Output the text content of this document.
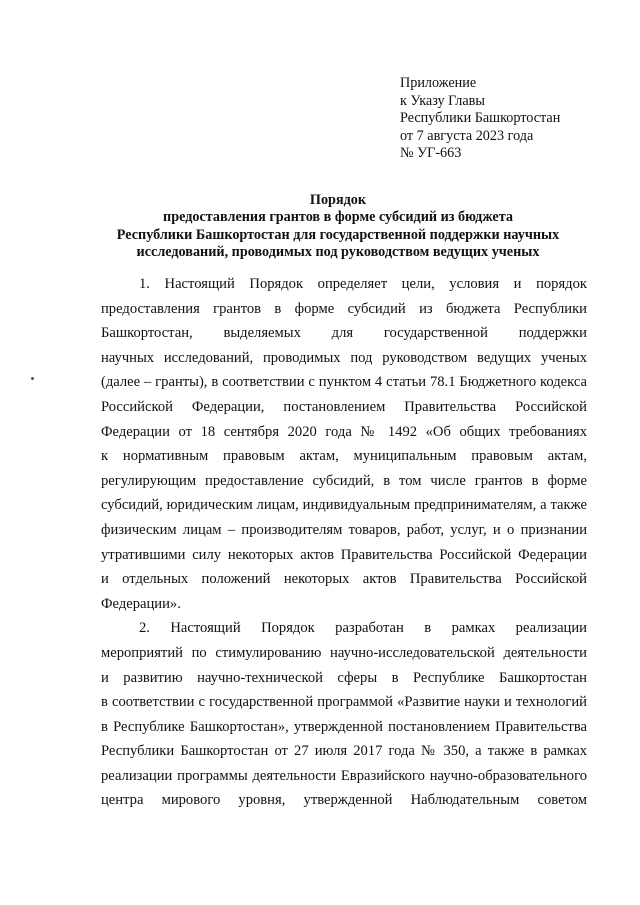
Приложение
к Указу Главы
Республики Башкортостан
от 7 августа 2023 года
№ УГ-663
Порядок
предоставления грантов в форме субсидий из бюджета
Республики Башкортостан для государственной поддержки научных
исследований, проводимых под руководством ведущих ученых
1. Настоящий Порядок определяет цели, условия и порядок
предоставления грантов в форме субсидий из бюджета Республики
Башкортостан, выделяемых для государственной поддержки
научных исследований, проводимых под руководством ведущих ученых
(далее – гранты), в соответствии с пунктом 4 статьи 78.1 Бюджетного кодекса
Российской Федерации, постановлением Правительства Российской
Федерации от 18 сентября 2020 года № 1492 «Об общих требованиях
к нормативным правовым актам, муниципальным правовым актам,
регулирующим предоставление субсидий, в том числе грантов в форме
субсидий, юридическим лицам, индивидуальным предпринимателям, а также
физическим лицам – производителям товаров, работ, услуг, и о признании
утратившими силу некоторых актов Правительства Российской Федерации
и отдельных положений некоторых актов Правительства Российской
Федерации».
2. Настоящий Порядок разработан в рамках реализации
мероприятий по стимулированию научно-исследовательской деятельности
и развитию научно-технической сферы в Республике Башкортостан
в соответствии с государственной программой «Развитие науки и технологий
в Республике Башкортостан», утвержденной постановлением Правительства
Республики Башкортостан от 27 июля 2017 года № 350, а также в рамках
реализации программы деятельности Евразийского научно-образовательного
центра мирового уровня, утвержденной Наблюдательным советом
